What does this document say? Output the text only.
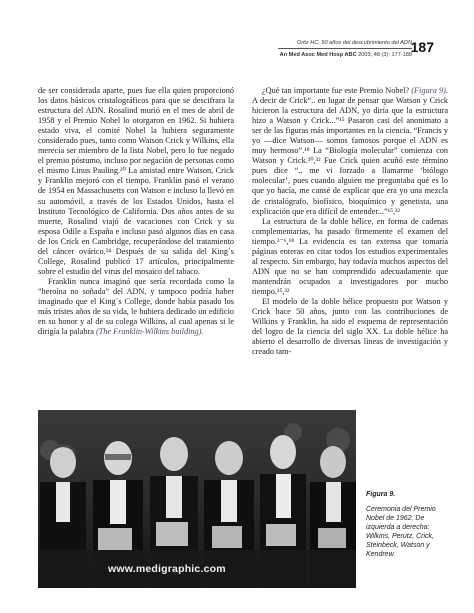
Ortiz HC. 50 años del descubrimiento del ADN
An Med Asoc Med Hosp ABC 2003; 48 (3): 177-188
187

de ser considerada aparte, pues fue ella quien proporcionó los datos básicos cristalográficos para que se descifrara la estructura del ADN. Rosalind murió en el mes de abril de 1958 y el Premio Nobel lo otorgaron en 1962. Si hubiera estado viva, el comité Nobel la hubiera seguramente considerado pues, tanto como Watson Crick y Wilkins, ella merecía ser miembro de la lista Nobel, pero lo fue negado el premio póstumo, incluso por negación de personas como el mismo Linus Pauling.²⁰ La amistad entre Watson, Crick y Franklin mejoró con el tiempo. Franklin pasó el verano de 1954 en Massachusetts con Watson e incluso la llevó en su automóvil, a través de los Estados Unidos, hasta el Instituto Tecnológico de California. Dos años antes de su muerte, Rosalind viajó de vacaciones con Crick y su esposa Odile a España e incluso pasó algunos días en casa de los Crick en Cambridge, recuperándose del tratamiento del cáncer ovárico.²⁴ Después de su salida del King´s College, Rosalind publicó 17 artículos, principalmente sobre el estudio del virus del mosaico del tabaco.

Franklin nunca imaginó que sería recordada como la “heroína no soñada” del ADN, y tampoco podría haber imaginado que el King´s College, donde había pasado los más tristes años de su vida, le hubiera dedicado un edificio en su honor y al de su colega Wilkins, al cual apenas si le dirigía la palabra (The Franklin-Wilkins building).

¿Qué tan importante fue este Premio Nobel? (Figura 9). A decir de Crick“.. en lugar de pensar que Watson y Crick hicieron la estructura del ADN, yo diría que la estructura hizo a Watson y Crick...”¹⁵ Pasaron casi del anonimato a ser de las figuras más importantes en la ciencia. “Francis y yo —dice Watson— somos famosos porque el ADN es muy hermoso”.¹⁸ La “Biología molecular” comienza con Watson y Crick.³⁰,³² Fue Crick quien acuñó este término pues dice “.. me vi forzado a llamarme ‘biólogo molecular’, pues cuando alguien me preguntaba qué es lo que yo hacía, me cansé de explicar que era yo una mezcla de cristalógrafo, biofísico, bioquímico y genetista, una explicación que era difícil de entender...”¹⁵,³²

La estructura de la doble hélice, en forma de cadenas complementarias, ha pasado firmemente el examen del tiempo.³⁻⁶,¹⁸ La evidencia es tan extensa que tomaría páginas enteras en citar todos los estudios experimentales al respecto. Sin embargo, hay todavía muchos aspectos del ADN que no se han comprendido adecuadamente que mantendrán ocupados a investigadores por mucho tiempo.¹⁵,³²

El modelo de la doble hélice propuesto por Watson y Crick hace 50 años, junto con las contribuciones de Wilkins y Franklin, ha sido el esquema de representación del logro de la ciencia del siglo XX. La doble hélice ha abierto el desarrollo de diversas líneas de investigación y creado tam-

www.medigraphic.com
Figura 9.
Ceremonia del Premio Nobel de 1962. De izquierda a derecha: Wilkins, Perutz, Crick, Steinbeck, Watson y Kendrew.
